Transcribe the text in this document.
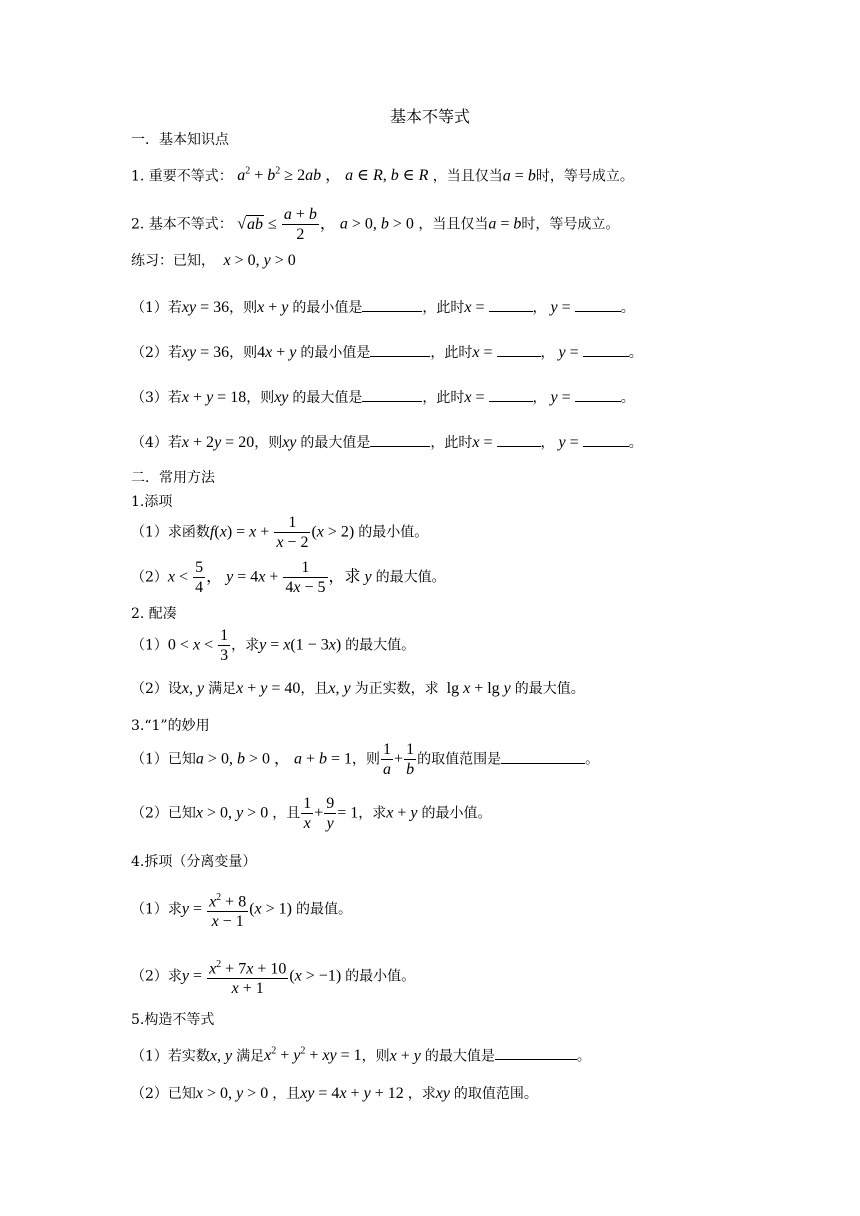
基本不等式
一．基本知识点
1. 重要不等式： $a^2 + b^2 \ge 2ab$ ， a ∈ R, b ∈ R ，当且仅当a = b时，等号成立。
2. 基本不等式： $√ab \le \frac{a + b}{2}$ ， a > 0, b > 0 ，当且仅当a = b时，等号成立。
练习：已知， x > 0, y > 0
（1）若xy = 36，则x + y 的最小值是	，此时x =	， y =	。
（2）若xy = 36，则4x + y 的最小值是	，此时x =	， y =	。
（3）若x + y = 18，则xy 的最大值是	，此时x =	， y =	。
（4）若x + 2y = 20，则xy 的最大值是	，此时x =	， y =	。
二．常用方法
1.添项
（1）求函数$f(x) = x + \frac{1}{x - 2} (x > 2)$ 的最小值。
$(2)x < \frac{5}{4}$ ， $y = 4x + \frac{1}{4x - 5}$ ，求 y 的最大值。
2. 配凑
$(1)0 < x < \frac{1}{3}$ ，求y = x(1 − 3x) 的最大值。
（2）设x, y 满足x + y = 40，且x, y 为正实数，求  lg x + lg y 的最大值。
3.“1”的妙用
（1）已知a > 0, b > 0 ， a + b = 1，则 $\frac{1}{a} + \frac{1}{b}$ 的取值范围是	。
（2）已知x > 0, y > 0 ，且 $\frac{1}{x} + \frac{9}{y} = 1$，求x + y 的最小值。
4.拆项（分离变量）
（1）求$y = \frac{x^2 + 8}{x - 1} (x > 1)$ 的最值。
（2）求$y = \frac{x^2 + 7x + 10}{x + 1} (x > -1)$ 的最小值。
5.构造不等式
（1）若实数x, y 满足$x^2 + y^2$ + xy = 1，则x + y 的最大值是	。
（2）已知x > 0, y > 0 ，且xy = 4x + y + 12 ，求xy 的取值范围。
